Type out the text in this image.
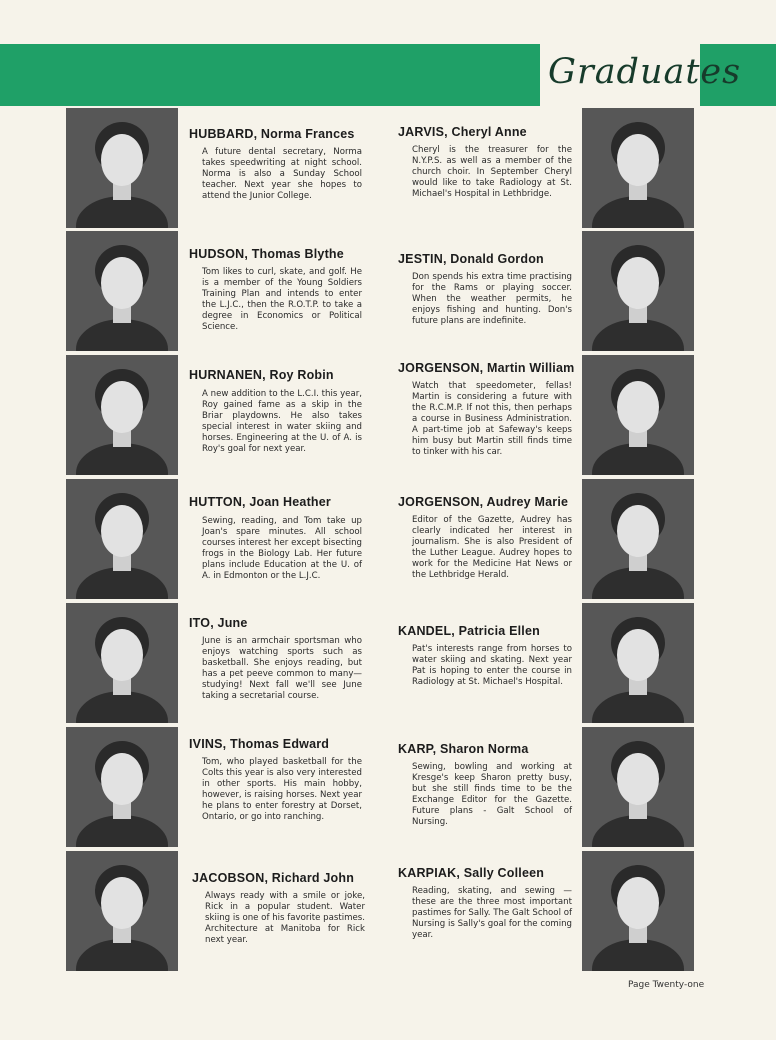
Graduates
HUBBARD, Norma Frances

A future dental secretary, Norma takes speedwriting at night school. Norma is also a Sunday School teacher. Next year she hopes to attend the Junior College.

HUDSON, Thomas Blythe

Tom likes to curl, skate, and golf. He is a member of the Young Soldiers Training Plan and intends to enter the L.J.C., then the R.O.T.P. to take a degree in Economics or Political Science.

HURNANEN, Roy Robin

A new addition to the L.C.I. this year, Roy gained fame as a skip in the Briar playdowns. He also takes special interest in water skiing and horses. Engineering at the U. of A. is Roy's goal for next year.

HUTTON, Joan Heather

Sewing, reading, and Tom take up Joan's spare minutes. All school courses interest her except bisecting frogs in the Biology Lab. Her future plans include Education at the U. of A. in Edmonton or the L.J.C.

ITO, June

June is an armchair sportsman who enjoys watching sports such as basketball. She enjoys reading, but has a pet peeve common to many—studying! Next fall we'll see June taking a secretarial course.

IVINS, Thomas Edward

Tom, who played basketball for the Colts this year is also very interested in other sports. His main hobby, however, is raising horses. Next year he plans to enter forestry at Dorset, Ontario, or go into ranching.

JACOBSON, Richard John

Always ready with a smile or joke, Rick in a popular student. Water skiing is one of his favorite pastimes. Architecture at Manitoba for Rick next year.

JARVIS, Cheryl Anne

Cheryl is the treasurer for the N.Y.P.S. as well as a member of the church choir. In September Cheryl would like to take Radiology at St. Michael's Hospital in Lethbridge.

JESTIN, Donald Gordon

Don spends his extra time practising for the Rams or playing soccer. When the weather permits, he enjoys fishing and hunting. Don's future plans are indefinite.

JORGENSON, Martin William

Watch that speedometer, fellas! Martin is considering a future with the R.C.M.P. If not this, then perhaps a course in Business Administration. A part-time job at Safeway's keeps him busy but Martin still finds time to tinker with his car.

JORGENSON, Audrey Marie

Editor of the Gazette, Audrey has clearly indicated her interest in journalism. She is also President of the Luther League. Audrey hopes to work for the Medicine Hat News or the Lethbridge Herald.

KANDEL, Patricia Ellen

Pat's interests range from horses to water skiing and skating. Next year Pat is hoping to enter the course in Radiology at St. Michael's Hospital.

KARP, Sharon Norma

Sewing, bowling and working at Kresge's keep Sharon pretty busy, but she still finds time to be the Exchange Editor for the Gazette. Future plans - Galt School of Nursing.

KARPIAK, Sally Colleen

Reading, skating, and sewing — these are the three most important pastimes for Sally. The Galt School of Nursing is Sally's goal for the coming year.

Page Twenty-one
